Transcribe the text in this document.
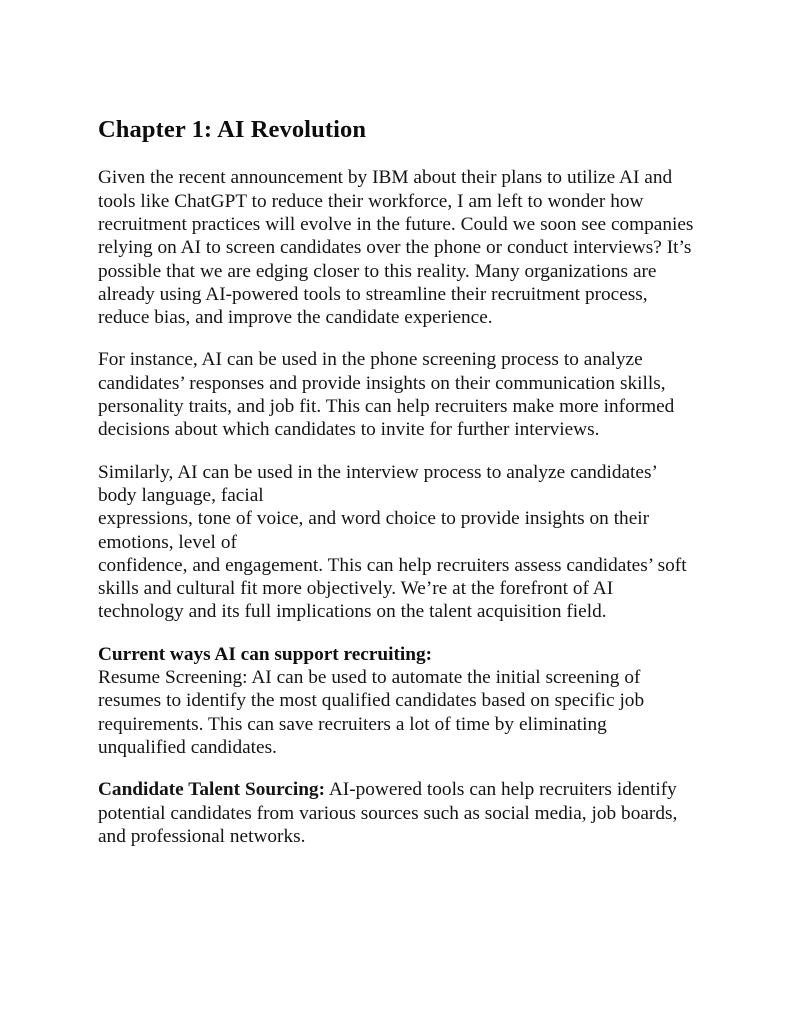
Chapter 1: AI Revolution

Given the recent announcement by IBM about their plans to utilize AI and tools like ChatGPT to reduce their workforce, I am left to wonder how recruitment practices will evolve in the future. Could we soon see companies relying on AI to screen candidates over the phone or conduct interviews? It’s possible that we are edging closer to this reality. Many organizations are already using AI-powered tools to streamline their recruitment process, reduce bias, and improve the candidate experience.

For instance, AI can be used in the phone screening process to analyze candidates’ responses and provide insights on their communication skills, personality traits, and job fit. This can help recruiters make more informed decisions about which candidates to invite for further interviews.

Similarly, AI can be used in the interview process to analyze candidates’ body language, facial

expressions, tone of voice, and word choice to provide insights on their emotions, level of

confidence, and engagement. This can help recruiters assess candidates’ soft skills and cultural fit more objectively. We’re at the forefront of AI technology and its full implications on the talent acquisition field.

Current ways AI can support recruiting:

Resume Screening: AI can be used to automate the initial screening of resumes to identify the most qualified candidates based on specific job requirements. This can save recruiters a lot of time by eliminating unqualified candidates.

Candidate Talent Sourcing: AI-powered tools can help recruiters identify potential candidates from various sources such as social media, job boards, and professional networks.
